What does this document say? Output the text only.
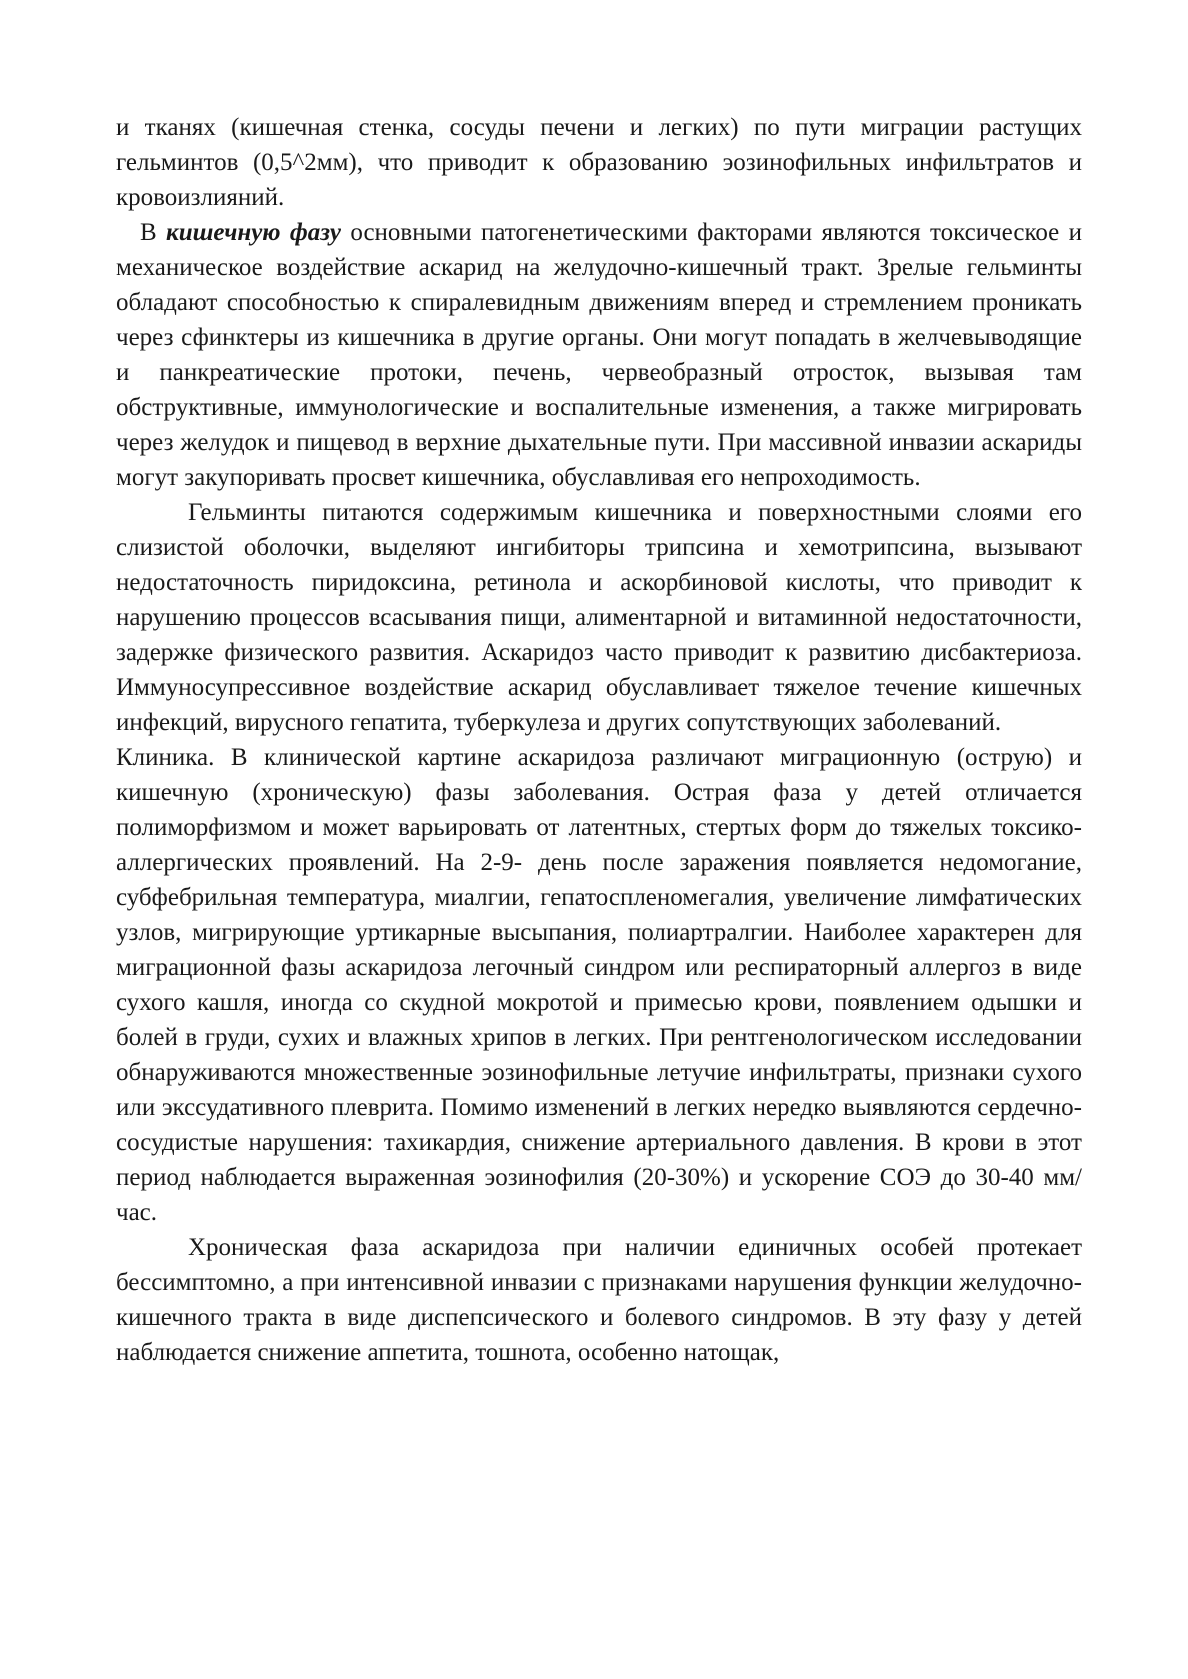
и тканях (кишечная стенка, сосуды печени и легких) по пути миграции растущих гельминтов (0,5^2мм), что приводит к образованию эозинофильных инфильтратов и кровоизлияний.

В кишечную фазу основными патогенетическими факторами являются токсическое и механическое воздействие аскарид на желудочно-кишечный тракт. Зрелые гельминты обладают способностью к спиралевидным движениям вперед и стремлением проникать через сфинктеры из кишечника в другие органы. Они могут попадать в желчевыводящие и панкреатические протоки, печень, червеобразный отросток, вызывая там обструктивные, иммунологические и воспалительные изменения, а также мигрировать через желудок и пищевод в верхние дыхательные пути. При массивной инвазии аскариды могут закупоривать просвет кишечника, обуславливая его непроходимость.

Гельминты питаются содержимым кишечника и поверхностными слоями его слизистой оболочки, выделяют ингибиторы трипсина и хемотрипсина, вызывают недостаточность пиридоксина, ретинола и аскорбиновой кислоты, что приводит к нарушению процессов всасывания пищи, алиментарной и витаминной недостаточности, задержке физического развития. Аскаридоз часто приводит к развитию дисбактериоза. Иммуносупрессивное воздействие аскарид обуславливает тяжелое течение кишечных инфекций, вирусного гепатита, туберкулеза и других сопутствующих заболеваний.

Клиника. В клинической картине аскаридоза различают миграционную (острую) и кишечную (хроническую) фазы заболевания. Острая фаза у детей отличается полиморфизмом и может варьировать от латентных, стертых форм до тяжелых токсико-аллергических проявлений. На 2-9- день после заражения появляется недомогание, субфебрильная температура, миалгии, гепатоспленомегалия, увеличение лимфатических узлов, мигрирующие уртикарные высыпания, полиартралгии. Наиболее характерен для миграционной фазы аскаридоза легочный синдром или респираторный аллергоз в виде сухого кашля, иногда со скудной мокротой и примесью крови, появлением одышки и болей в груди, сухих и влажных хрипов в легких. При рентгенологическом исследовании обнаруживаются множественные эозинофильные летучие инфильтраты, признаки сухого или экссудативного плеврита. Помимо изменений в легких нередко выявляются сердечно-сосудистые нарушения: тахикардия, снижение артериального давления. В крови в этот период наблюдается выраженная эозинофилия (20-30%) и ускорение СОЭ до 30-40 мм/час.

Хроническая фаза аскаридоза при наличии единичных особей протекает бессимптомно, а при интенсивной инвазии с признаками нарушения функции желудочно-кишечного тракта в виде диспепсического и болевого синдромов. В эту фазу у детей наблюдается снижение аппетита, тошнота, особенно натощак,
